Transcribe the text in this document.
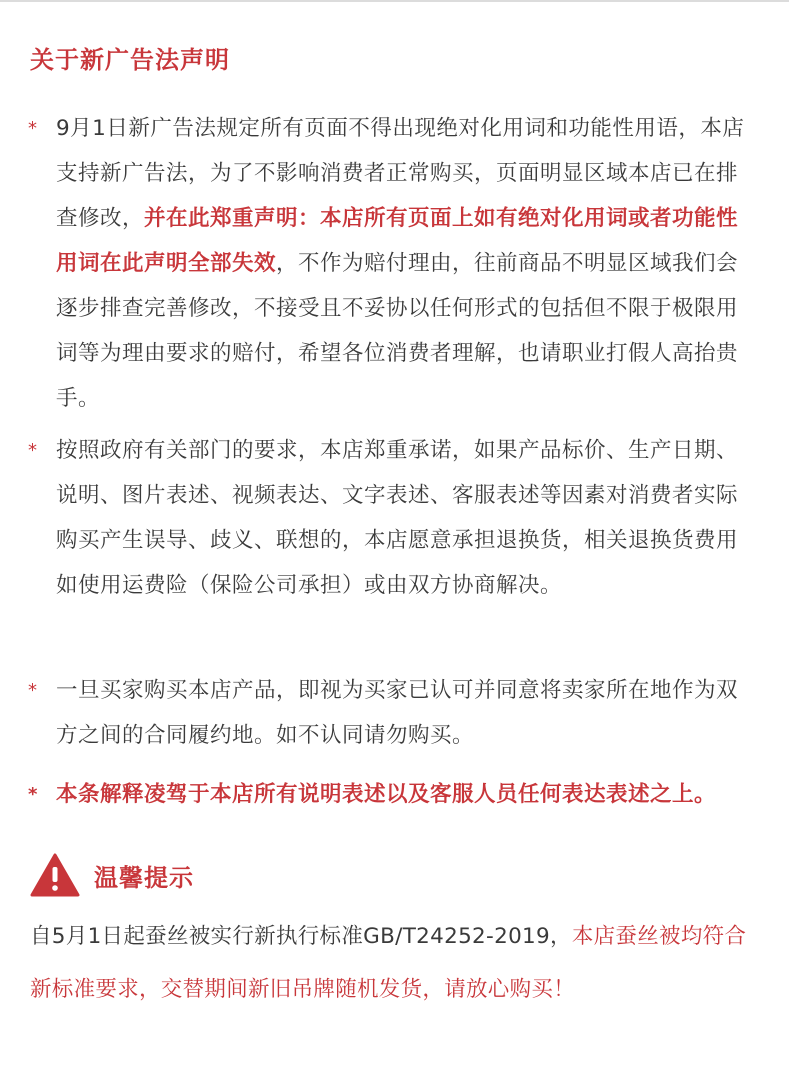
关于新广告法声明
* 9月1日新广告法规定所有页面不得出现绝对化用词和功能性用语，本店支持新广告法，为了不影响消费者正常购买，页面明显区域本店已在排查修改，并在此郑重声明：本店所有页面上如有绝对化用词或者功能性用词在此声明全部失效，不作为赔付理由，往前商品不明显区域我们会逐步排查完善修改，不接受且不妥协以任何形式的包括但不限于极限用词等为理由要求的赔付，希望各位消费者理解，也请职业打假人高抬贵手。
* 按照政府有关部门的要求，本店郑重承诺，如果产品标价、生产日期、说明、图片表述、视频表达、文字表述、客服表述等因素对消费者实际购买产生误导、歧义、联想的，本店愿意承担退换货，相关退换货费用如使用运费险（保险公司承担）或由双方协商解决。
* 一旦买家购买本店产品，即视为买家已认可并同意将卖家所在地作为双方之间的合同履约地。如不认同请勿购买。
* 本条解释凌驾于本店所有说明表述以及客服人员任何表达表述之上。
温馨提示
自5月1日起蚕丝被实行新执行标准GB/T24252-2019，本店蚕丝被均符合新标准要求，交替期间新旧吊牌随机发货，请放心购买！
